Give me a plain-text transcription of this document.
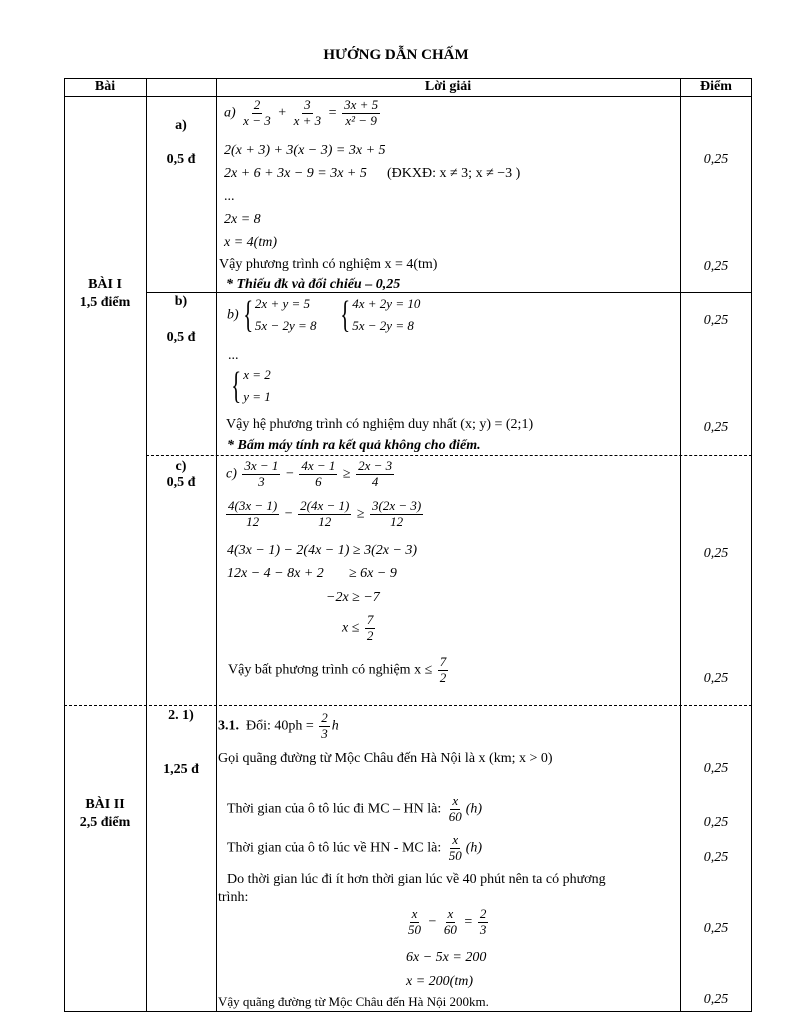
HƯỚNG DẪN CHẤM
Bài	Lời giải	Điểm
BÀI I
1,5 điểm
a)
0,5 đ
$a) \frac{2}{x - 3} + \frac{3}{x + 3} = \frac{3x + 5}{\text{x² − 9}}$
2(x + 3) + 3(x − 3) = 3x + 5
2x + 6 + 3x − 9 = 3x + 5 (ĐKXĐ: x ≠ 3; x ≠ −3 )
...
2x = 8
x = 4(tm)
Vậy phương trình có nghiệm x = 4(tm)
* Thiếu đk và đối chiếu – 0,25
0,25
0,25
b)
0,5 đ
b) { 2x + y = 5
5x − 2y = 8 { 4x + 2y = 10
5x − 2y = 8
...
{ x = 2
y = 1
Vậy hệ phương trình có nghiệm duy nhất (x; y) = (2;1)
* Bấm máy tính ra kết quả không cho điểm.
0,25
0,25
c)
0,5 đ
$c) \frac{3x - 1}{3} - \frac{4x - 1}{6} \ge \frac{2x - 3}{4}$
$\frac{4(3x - 1)}{12} - \frac{2(4x - 1)}{12} \ge \frac{3(2x - 3)}{12}$
4(3x − 1) − 2(4x − 1) ≥ 3(2x − 3)
12x − 4 − 8x + 2 ≥ 6x − 9
−2x ≥ −7
$x \le \frac{7}{2}$
Vậy bất phương trình có nghiệm $x \le \frac{7}{2}$
0,25
0,25
BÀI II
2,5 điểm
2. 1)
1,25 đ
3.1. Đổi: $40ph = \frac{2}{3}$ h
Gọi quãng đường từ Mộc Châu đến Hà Nội là x (km; x > 0)
Thời gian của ô tô lúc đi MC – HN là: $\frac{x}{60} (h)$
Thời gian của ô tô lúc về HN - MC là: $\frac{x}{50} (h)$
Do thời gian lúc đi ít hơn thời gian lúc về 40 phút nên ta có phương
trình:
$\frac{x}{50} - \frac{x}{60} = \frac{2}{3}$
6x − 5x = 200
x = 200(tm)
Vậy quãng đường từ Mộc Châu đến Hà Nội 200km.
0,25
0,25
0,25
0,25
0,25
